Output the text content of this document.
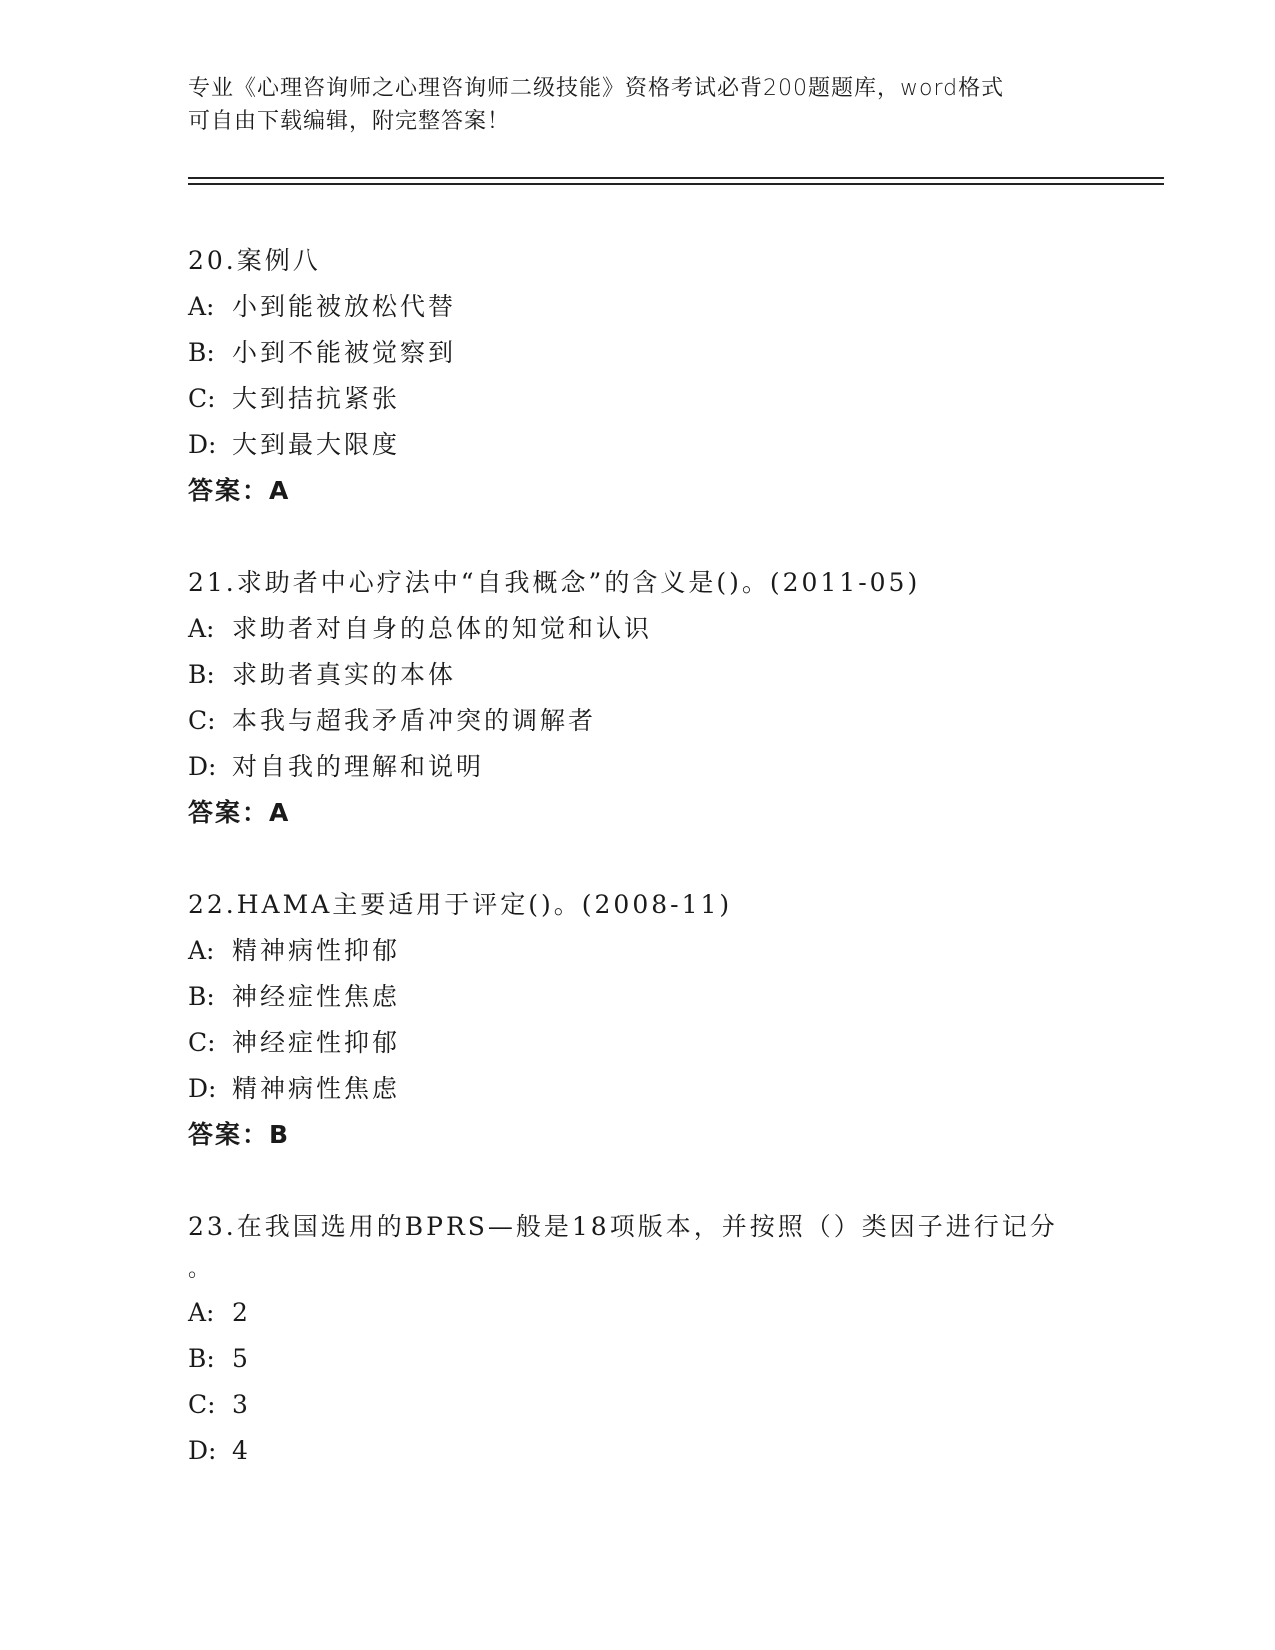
专业《心理咨询师之心理咨询师二级技能》资格考试必背200题题库，word格式
可自由下载编辑，附完整答案！
20.案例八
A: 小到能被放松代替
B: 小到不能被觉察到
C: 大到拮抗紧张
D: 大到最大限度
答案：A
21.求助者中心疗法中“自我概念”的含义是()。(2011-05)
A: 求助者对自身的总体的知觉和认识
B: 求助者真实的本体
C: 本我与超我矛盾冲突的调解者
D: 对自我的理解和说明
答案：A
22.HAMA主要适用于评定()。(2008-11)
A: 精神病性抑郁
B: 神经症性焦虑
C: 神经症性抑郁
D: 精神病性焦虑
答案：B
23.在我国选用的BPRS—般是18项版本，并按照（）类因子进行记分
。
A: 2
B: 5
C: 3
D: 4
